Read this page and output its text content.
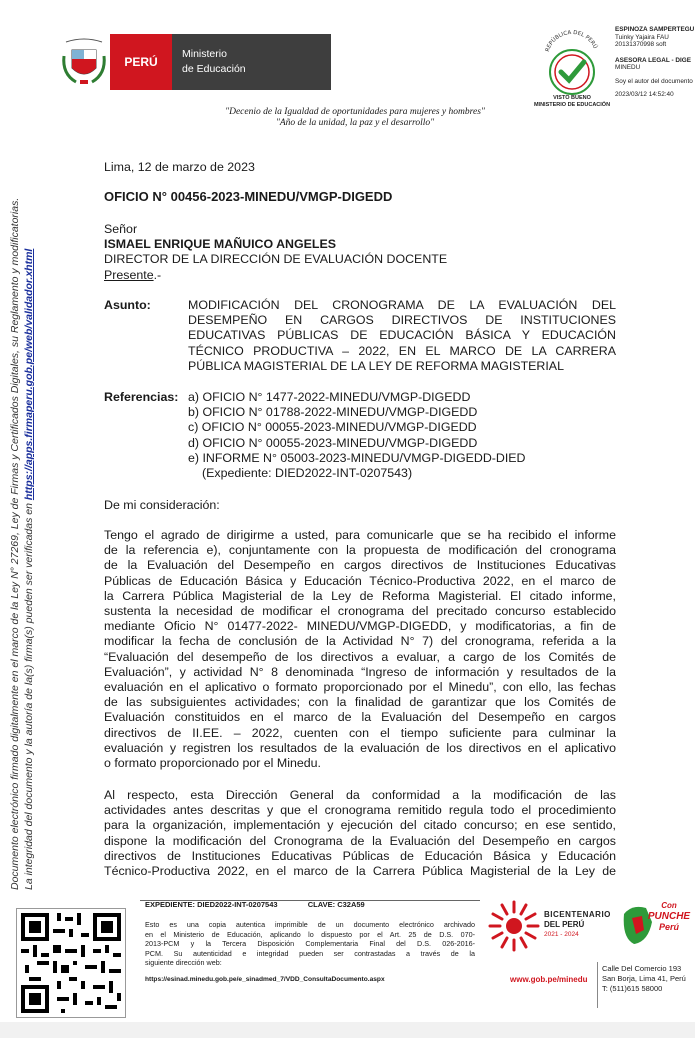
PERÚ
Ministerio
de Educación
REPÚBLICA DEL PERÚ
VISTO BUENO
MINISTERIO DE EDUCACIÓN
ESPINOZA SAMPERTEGU
Tuinky Yajaira FAU
20131370998 soft
ASESORA LEGAL - DIGE
MINEDU
Soy el autor del documento
2023/03/12 14:52:40
"Decenio de la Igualdad de oportunidades para mujeres y hombres"
"Año de la unidad, la paz y el desarrollo"
Documento electrónico firmado digitalmente en el marco de la Ley N° 27269, Ley de Firmas y Certificados Digitales, su Reglamento y modificatorias. La integridad del documento y la autoría de la(s) firma(s) pueden ser verificadas en https://apps.firmaperu.gob.pe/web/validador.xhtml
Lima, 12 de marzo de 2023
OFICIO N° 00456-2023-MINEDU/VMGP-DIGEDD
Señor
ISMAEL ENRIQUE MAÑUICO ANGELES
DIRECTOR DE LA DIRECCIÓN DE EVALUACIÓN DOCENTE
Presente.-
Asunto:	MODIFICACIÓN DEL CRONOGRAMA DE LA EVALUACIÓN DEL
DESEMPEÑO EN CARGOS DIRECTIVOS DE INSTITUCIONES
EDUCATIVAS PÚBLICAS DE EDUCACIÓN BÁSICA Y EDUCACIÓN
TÉCNICO PRODUCTIVA – 2022, EN EL MARCO DE LA CARRERA
PÚBLICA MAGISTERIAL DE LA LEY DE REFORMA MAGISTERIAL
Referencias: a) OFICIO N° 1477-2022-MINEDU/VMGP-DIGEDD
b) OFICIO N° 01788-2022-MINEDU/VMGP-DIGEDD
c) OFICIO N° 00055-2023-MINEDU/VMGP-DIGEDD
d) OFICIO N° 00055-2023-MINEDU/VMGP-DIGEDD
e) INFORME N° 05003-2023-MINEDU/VMGP-DIGEDD-DIED
(Expediente: DIED2022-INT-0207543)
De mi consideración:
Tengo el agrado de dirigirme a usted, para comunicarle que se ha recibido el informe
de la referencia e), conjuntamente con la propuesta de modificación del cronograma
de la Evaluación del Desempeño en cargos directivos de Instituciones Educativas
Públicas de Educación Básica y Educación Técnico-Productiva 2022, en el marco de
la Carrera Pública Magisterial de la Ley de Reforma Magisterial. El citado informe,
sustenta la necesidad de modificar el cronograma del precitado concurso establecido
mediante Oficio N° 01477-2022- MINEDU/VMGP-DIGEDD, y modificatorias, a fin de
modificar la fecha de conclusión de la Actividad N° 7) del cronograma, referida a la
“Evaluación del desempeño de los directivos a evaluar, a cargo de los Comités de
Evaluación”, y actividad N° 8 denominada “Ingreso de información y resultados de la
evaluación en el aplicativo o formato proporcionado por el Minedu”, con ello, las fechas
de las subsiguientes actividades; con la finalidad de garantizar que los Comités de
Evaluación constituidos en el marco de la Evaluación del Desempeño en cargos
directivos de II.EE. – 2022, cuenten con el tiempo suficiente para culminar la
evaluación y registren los resultados de la evaluación de los directivos en el aplicativo
o formato proporcionado por el Minedu.
Al respecto, esta Dirección General da conformidad a la modificación de las
actividades antes descritas y que el cronograma remitido regula todo el procedimiento
para la organización, implementación y ejecución del citado concurso; en ese sentido,
dispone la modificación del Cronograma de la Evaluación del Desempeño en cargos
directivos de Instituciones Educativas Públicas de Educación Básica y Educación
Técnico-Productiva 2022, en el marco de la Carrera Pública Magisterial de la Ley de
EXPEDIENTE: DIED2022-INT-0207543	CLAVE: C32A59
Esto es una copia autentica imprimible de un documento electrónico archivado
en el Ministerio de Educación, aplicando lo dispuesto por el Art. 25 de D.S. 070-
2013-PCM y la Tercera Disposición Complementaria Final del D.S. 026-2016-
PCM. Su autenticidad e integridad pueden ser contrastadas a través de la
siguiente dirección web:
https://esinad.minedu.gob.pe/e_sinadmed_7/VDD_ConsultaDocumento.aspx
BICENTENARIO
DEL PERÚ
2021 - 2024
Con
PUNCHE
Perú
www.gob.pe/minedu
Calle Del Comercio 193
San Borja, Lima 41, Perú
T: (511)615 58000
